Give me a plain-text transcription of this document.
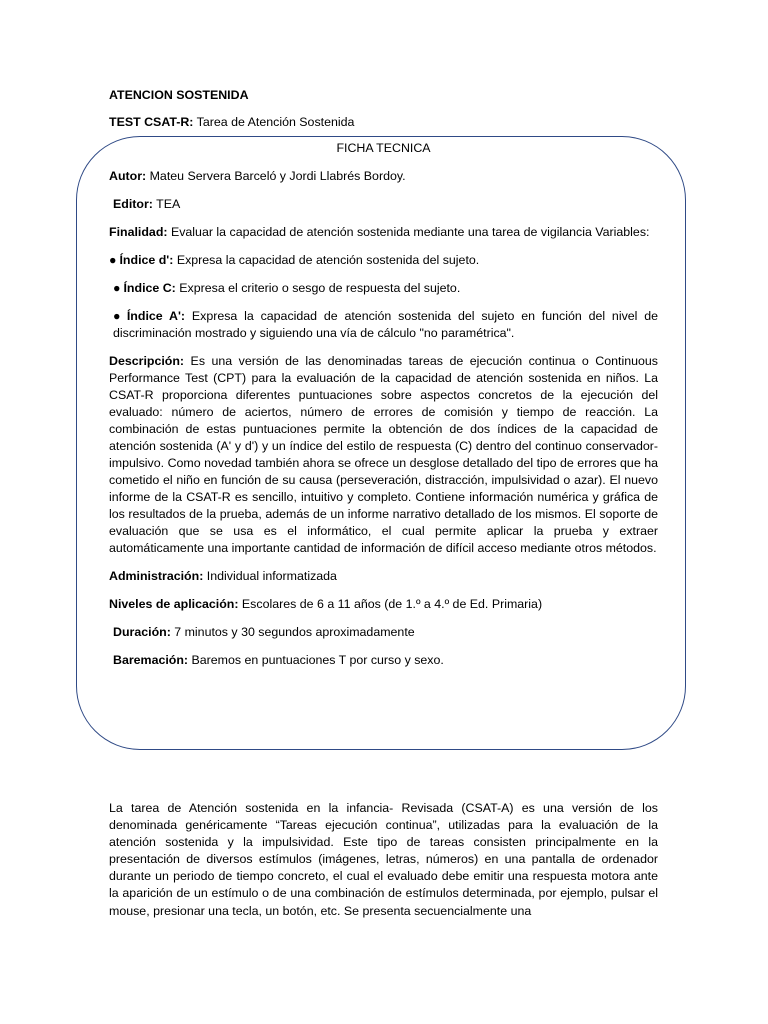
ATENCION SOSTENIDA
TEST CSAT-R: Tarea de Atención Sostenida
FICHA TECNICA
Autor: Mateu Servera Barceló y Jordi Llabrés Bordoy.
Editor: TEA
Finalidad: Evaluar la capacidad de atención sostenida mediante una tarea de vigilancia Variables:
● Índice d': Expresa la capacidad de atención sostenida del sujeto.
● Índice C: Expresa el criterio o sesgo de respuesta del sujeto.
● Índice A': Expresa la capacidad de atención sostenida del sujeto en función del nivel de discriminación mostrado y siguiendo una vía de cálculo "no paramétrica".
Descripción: Es una versión de las denominadas tareas de ejecución continua o Continuous Performance Test (CPT) para la evaluación de la capacidad de atención sostenida en niños. La CSAT-R proporciona diferentes puntuaciones sobre aspectos concretos de la ejecución del evaluado: número de aciertos, número de errores de comisión y tiempo de reacción. La combinación de estas puntuaciones permite la obtención de dos índices de la capacidad de atención sostenida (A' y d') y un índice del estilo de respuesta (C) dentro del continuo conservador-impulsivo. Como novedad también ahora se ofrece un desglose detallado del tipo de errores que ha cometido el niño en función de su causa (perseveración, distracción, impulsividad o azar). El nuevo informe de la CSAT-R es sencillo, intuitivo y completo. Contiene información numérica y gráfica de los resultados de la prueba, además de un informe narrativo detallado de los mismos. El soporte de evaluación que se usa es el informático, el cual permite aplicar la prueba y extraer automáticamente una importante cantidad de información de difícil acceso mediante otros métodos.
Administración: Individual informatizada
Niveles de aplicación: Escolares de 6 a 11 años (de 1.º a 4.º de Ed. Primaria)
Duración: 7 minutos y 30 segundos aproximadamente
Baremación: Baremos en puntuaciones T por curso y sexo.

La tarea de Atención sostenida en la infancia- Revisada (CSAT-A) es una versión de los denominada genéricamente “Tareas ejecución continua”, utilizadas para la evaluación de la atención sostenida y la impulsividad. Este tipo de tareas consisten principalmente en la presentación de diversos estímulos (imágenes, letras, números) en una pantalla de ordenador durante un periodo de tiempo concreto, el cual el evaluado debe emitir una respuesta motora ante la aparición de un estímulo o de una combinación de estímulos determinada, por ejemplo, pulsar el mouse, presionar una tecla, un botón, etc. Se presenta secuencialmente una
